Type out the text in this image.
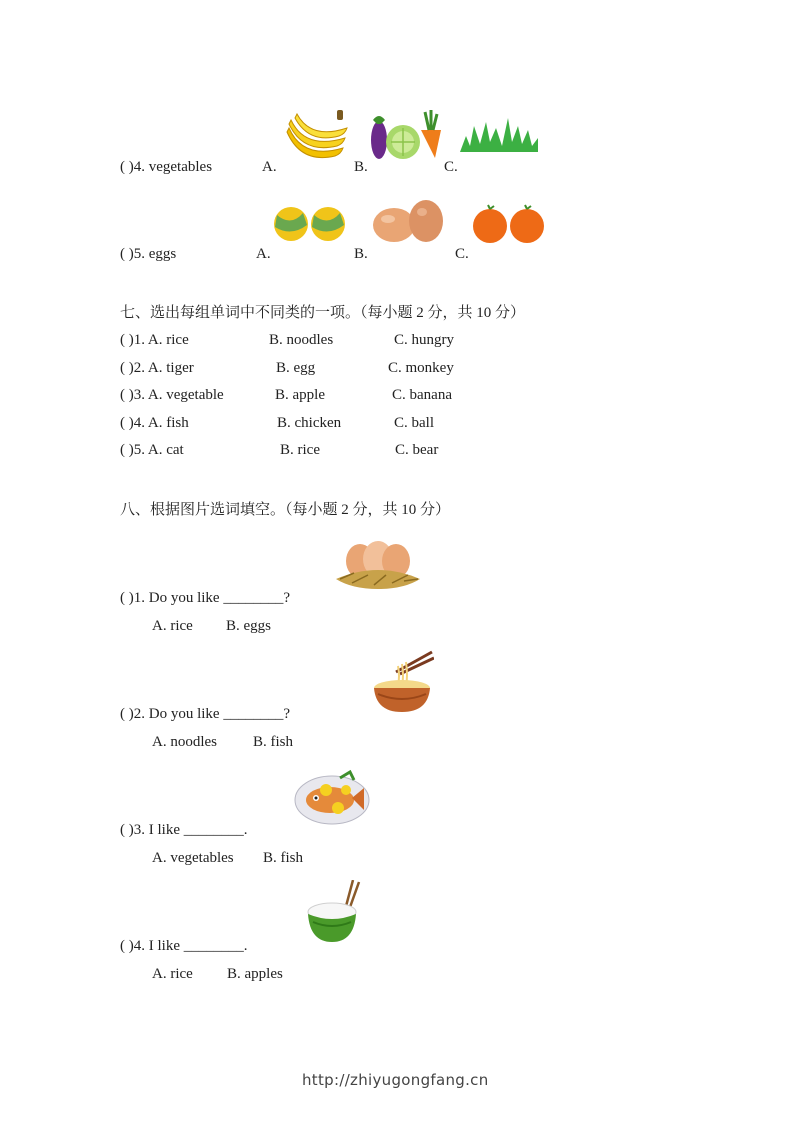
( )4. vegetables	A.	B.	C.
( )5. eggs	A.	B.	C.
七、选出每组单词中不同类的一项。（每小题 2 分，共 10 分）
( )1. A. rice	B. noodles	C. hungry
( )2. A. tiger	B. egg	C. monkey
( )3. A. vegetable	B. apple	C. banana
( )4. A. fish	B. chicken	C. ball
( )5. A. cat	B. rice	C. bear
八、根据图片选词填空。（每小题 2 分，共 10 分）
( )1. Do you like ________?
A. rice B. eggs
( )2. Do you like ________?
A. noodles B. fish
( )3. I like ________.
A. vegetables B. fish
( )4. I like ________.
A. rice B. apples
http://zhiyugongfang.cn
